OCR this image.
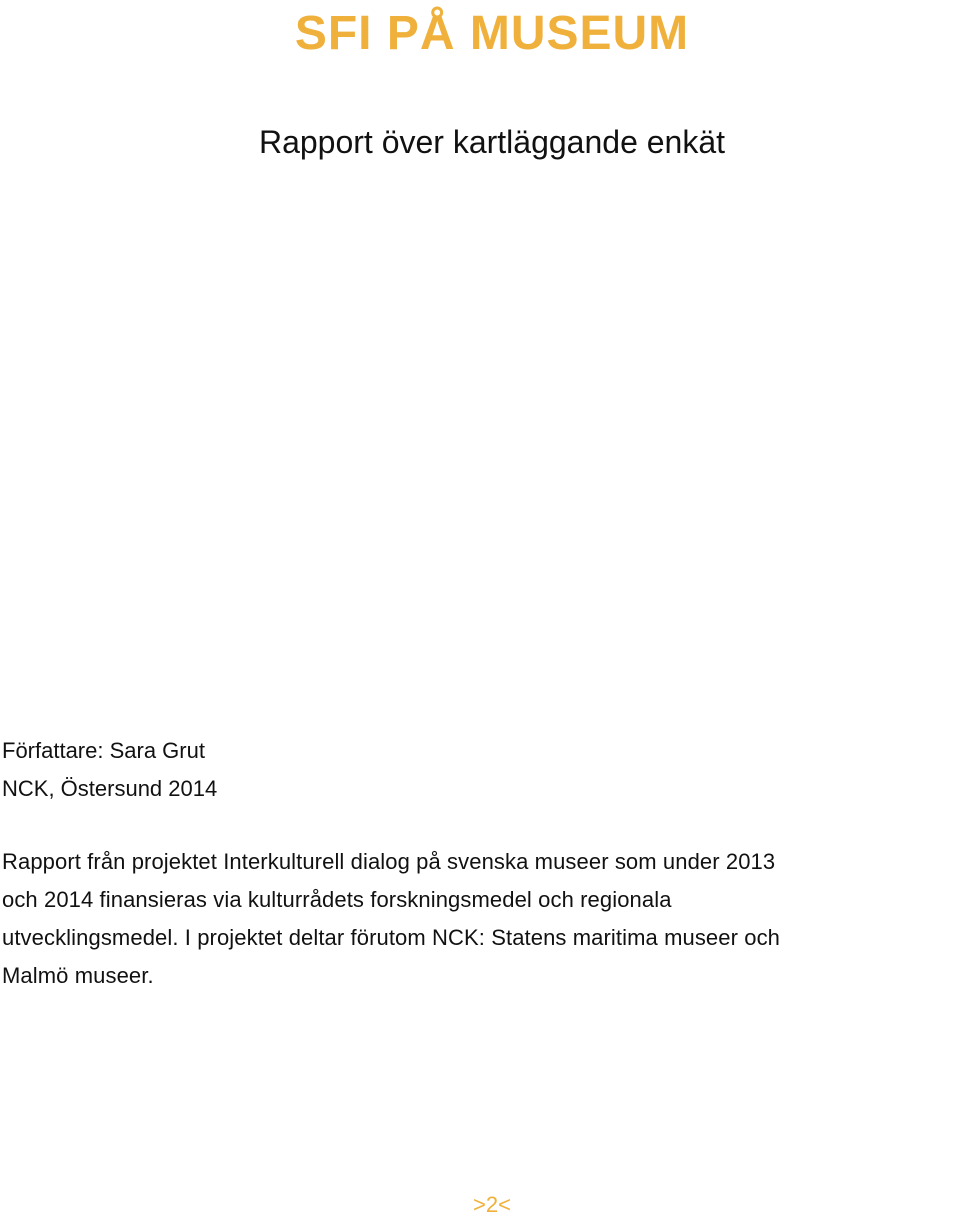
SFI PÅ MUSEUM
Rapport över kartläggande enkät
Författare: Sara Grut
NCK, Östersund 2014

Rapport från projektet Interkulturell dialog på svenska museer som under 2013
och 2014 finansieras via kulturrådets forskningsmedel och regionala
utvecklingsmedel. I projektet deltar förutom NCK: Statens maritima museer och
Malmö museer.

>2<
